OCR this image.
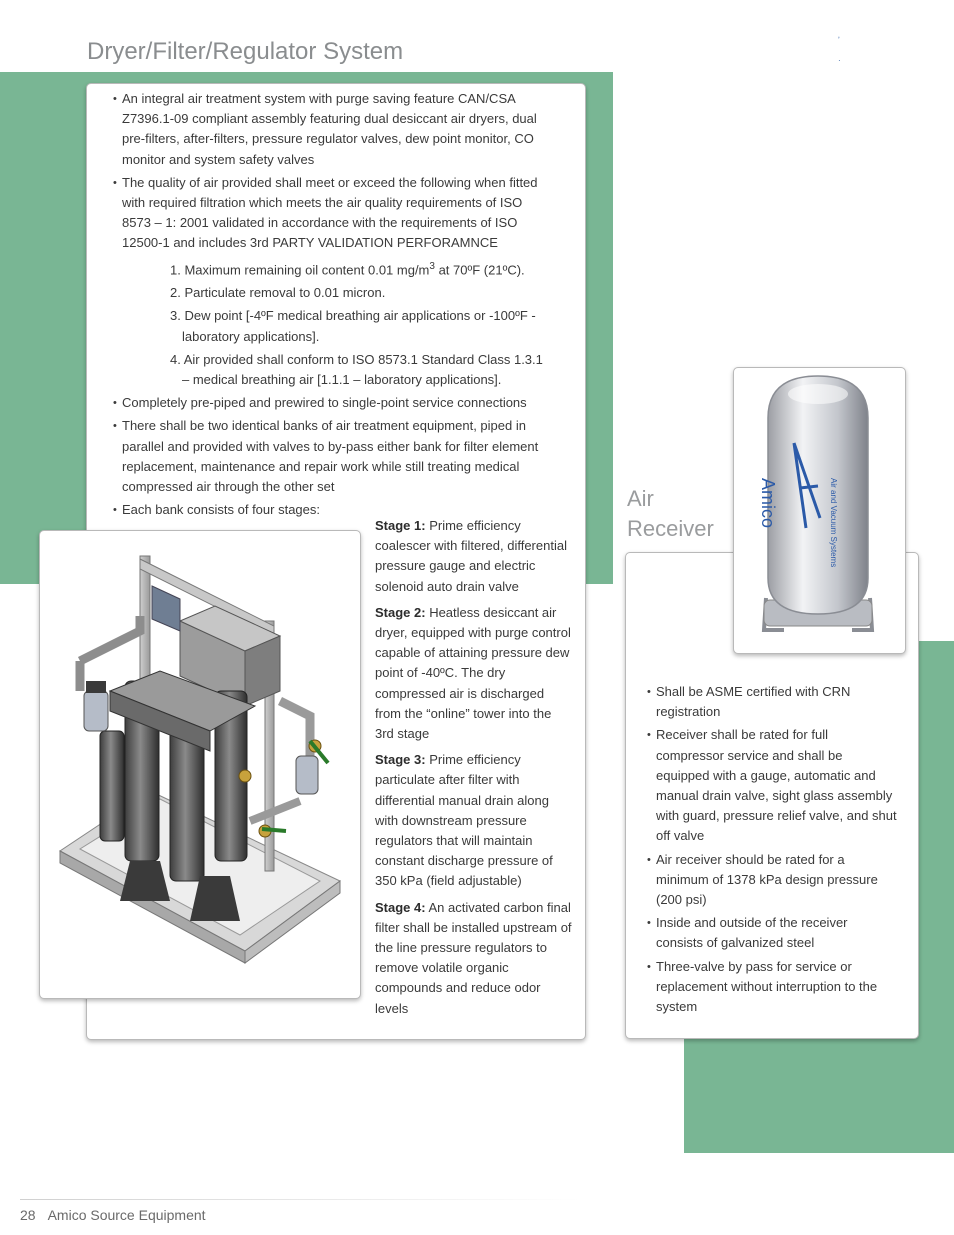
Dryer/Filter/Regulator System	ʼ
·
• An integral air treatment system with purge saving feature CAN/CSA Z7396.1-09 compliant assembly featuring dual desiccant air dryers, dual pre-filters, after-filters, pressure regulator valves, dew point monitor, CO monitor and system safety valves
• The quality of air provided shall meet or exceed the following when fitted with required filtration which meets the air quality requirements of ISO 8573 – 1: 2001 validated in accordance with the requirements of ISO 12500-1 and includes 3rd PARTY VALIDATION PERFORAMNCE
1. Maximum remaining oil content 0.01 $mg/m^3$ at 70ºF (21ºC).
2. Particulate removal to 0.01 micron.
3. Dew point [-4ºF medical breathing air applications or -100ºF - laboratory applications].
4. Air provided shall conform to ISO 8573.1 Standard Class 1.3.1 – medical breathing air [1.1.1 – laboratory applications].
• Completely pre-piped and prewired to single-point service connections
• There shall be two identical banks of air treatment equipment, piped in parallel and provided with valves to by-pass either bank for filter element replacement, maintenance and repair work while still treating medical compressed air through the other set
• Each bank consists of four stages:

Stage 1: Prime efficiency coalescer with filtered, differential pressure gauge and electric solenoid auto drain valve

Stage 2: Heatless desiccant air dryer, equipped with purge control capable of attaining pressure dew point of -40ºC. The dry compressed air is discharged from the “online” tower into the 3rd stage

Stage 3: Prime efficiency particulate after filter with differential manual drain along with downstream pressure regulators that will maintain constant discharge pressure of 350 kPa (field adjustable)

Stage 4: An activated carbon final filter shall be installed upstream of the line pressure regulators to remove volatile organic compounds and reduce odor levels

Air
Receiver
Amico	Air and Vacuum Systems
• Shall be ASME certified with CRN registration
• Receiver shall be rated for full compressor service and shall be equipped with a gauge, automatic and manual drain valve, sight glass assembly with guard, pressure relief valve, and shut off valve
• Air receiver should be rated for a minimum of 1378 kPa design pressure (200 psi)
• Inside and outside of the receiver consists of galvanized steel
• Three-valve by pass for service or replacement without interruption to the system
28 Amico Source Equipment
